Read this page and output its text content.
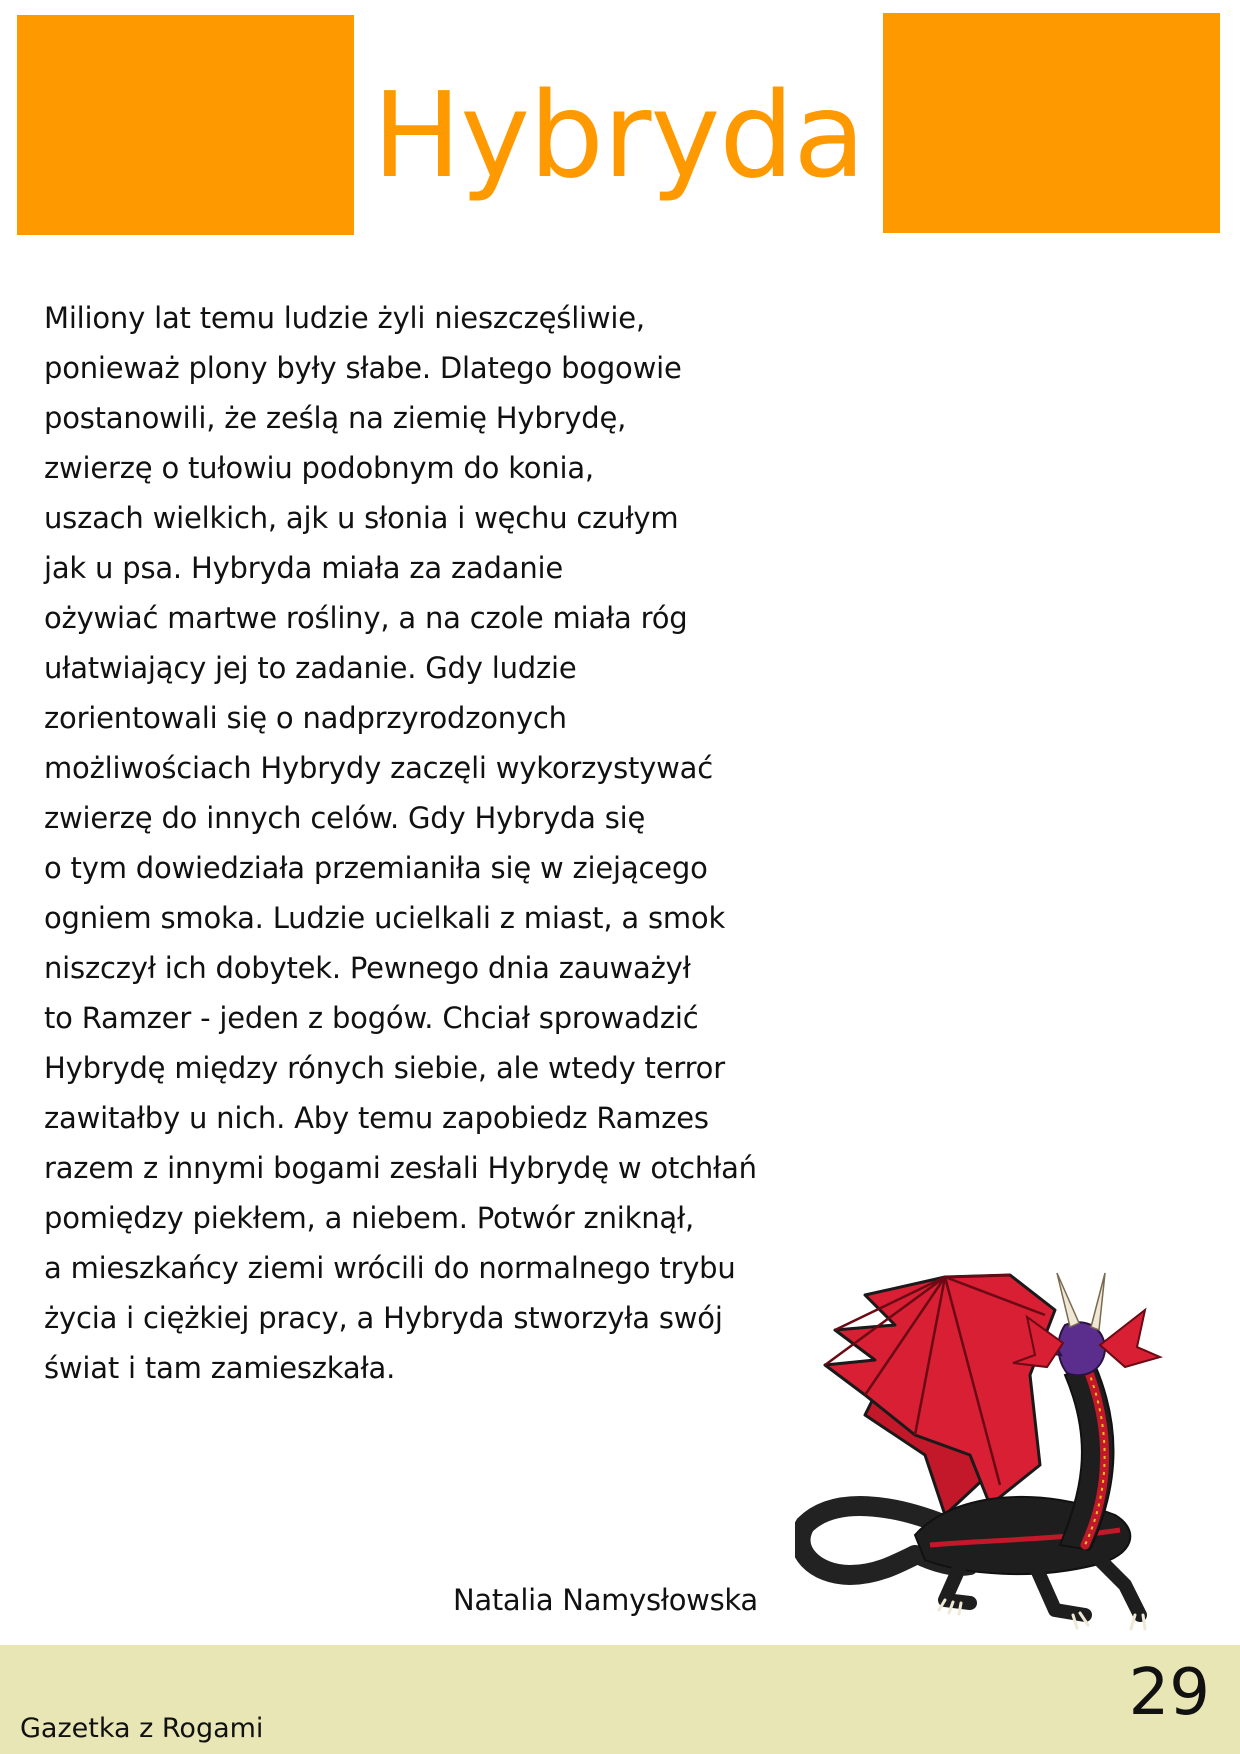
Hybryda
Miliony lat temu ludzie żyli nieszczęśliwie,
ponieważ plony były słabe. Dlatego bogowie
postanowili, że ześlą na ziemię Hybrydę,
zwierzę o tułowiu podobnym do konia,
uszach wielkich, ajk u słonia i węchu czułym
jak u psa. Hybryda miała za zadanie
ożywiać martwe rośliny, a na czole miała róg
ułatwiający jej to zadanie. Gdy ludzie
zorientowali się o nadprzyrodzonych
możliwościach Hybrydy zaczęli wykorzystywać
zwierzę do innych celów. Gdy Hybryda się
o tym dowiedziała przemianiła się w ziejącego
ogniem smoka. Ludzie ucielkali z miast, a smok
niszczył ich dobytek. Pewnego dnia zauważył
to Ramzer - jeden z bogów. Chciał sprowadzić
Hybrydę między rónych siebie, ale wtedy terror
zawitałby u nich. Aby temu zapobiedz Ramzes
razem z innymi bogami zesłali Hybrydę w otchłań
pomiędzy piekłem, a niebem. Potwór zniknął,
a mieszkańcy ziemi wrócili do normalnego trybu
życia i ciężkiej pracy, a Hybryda stworzyła swój
świat i tam zamieszkała.
Natalia Namysłowska
Gazetka z Rogami	29
